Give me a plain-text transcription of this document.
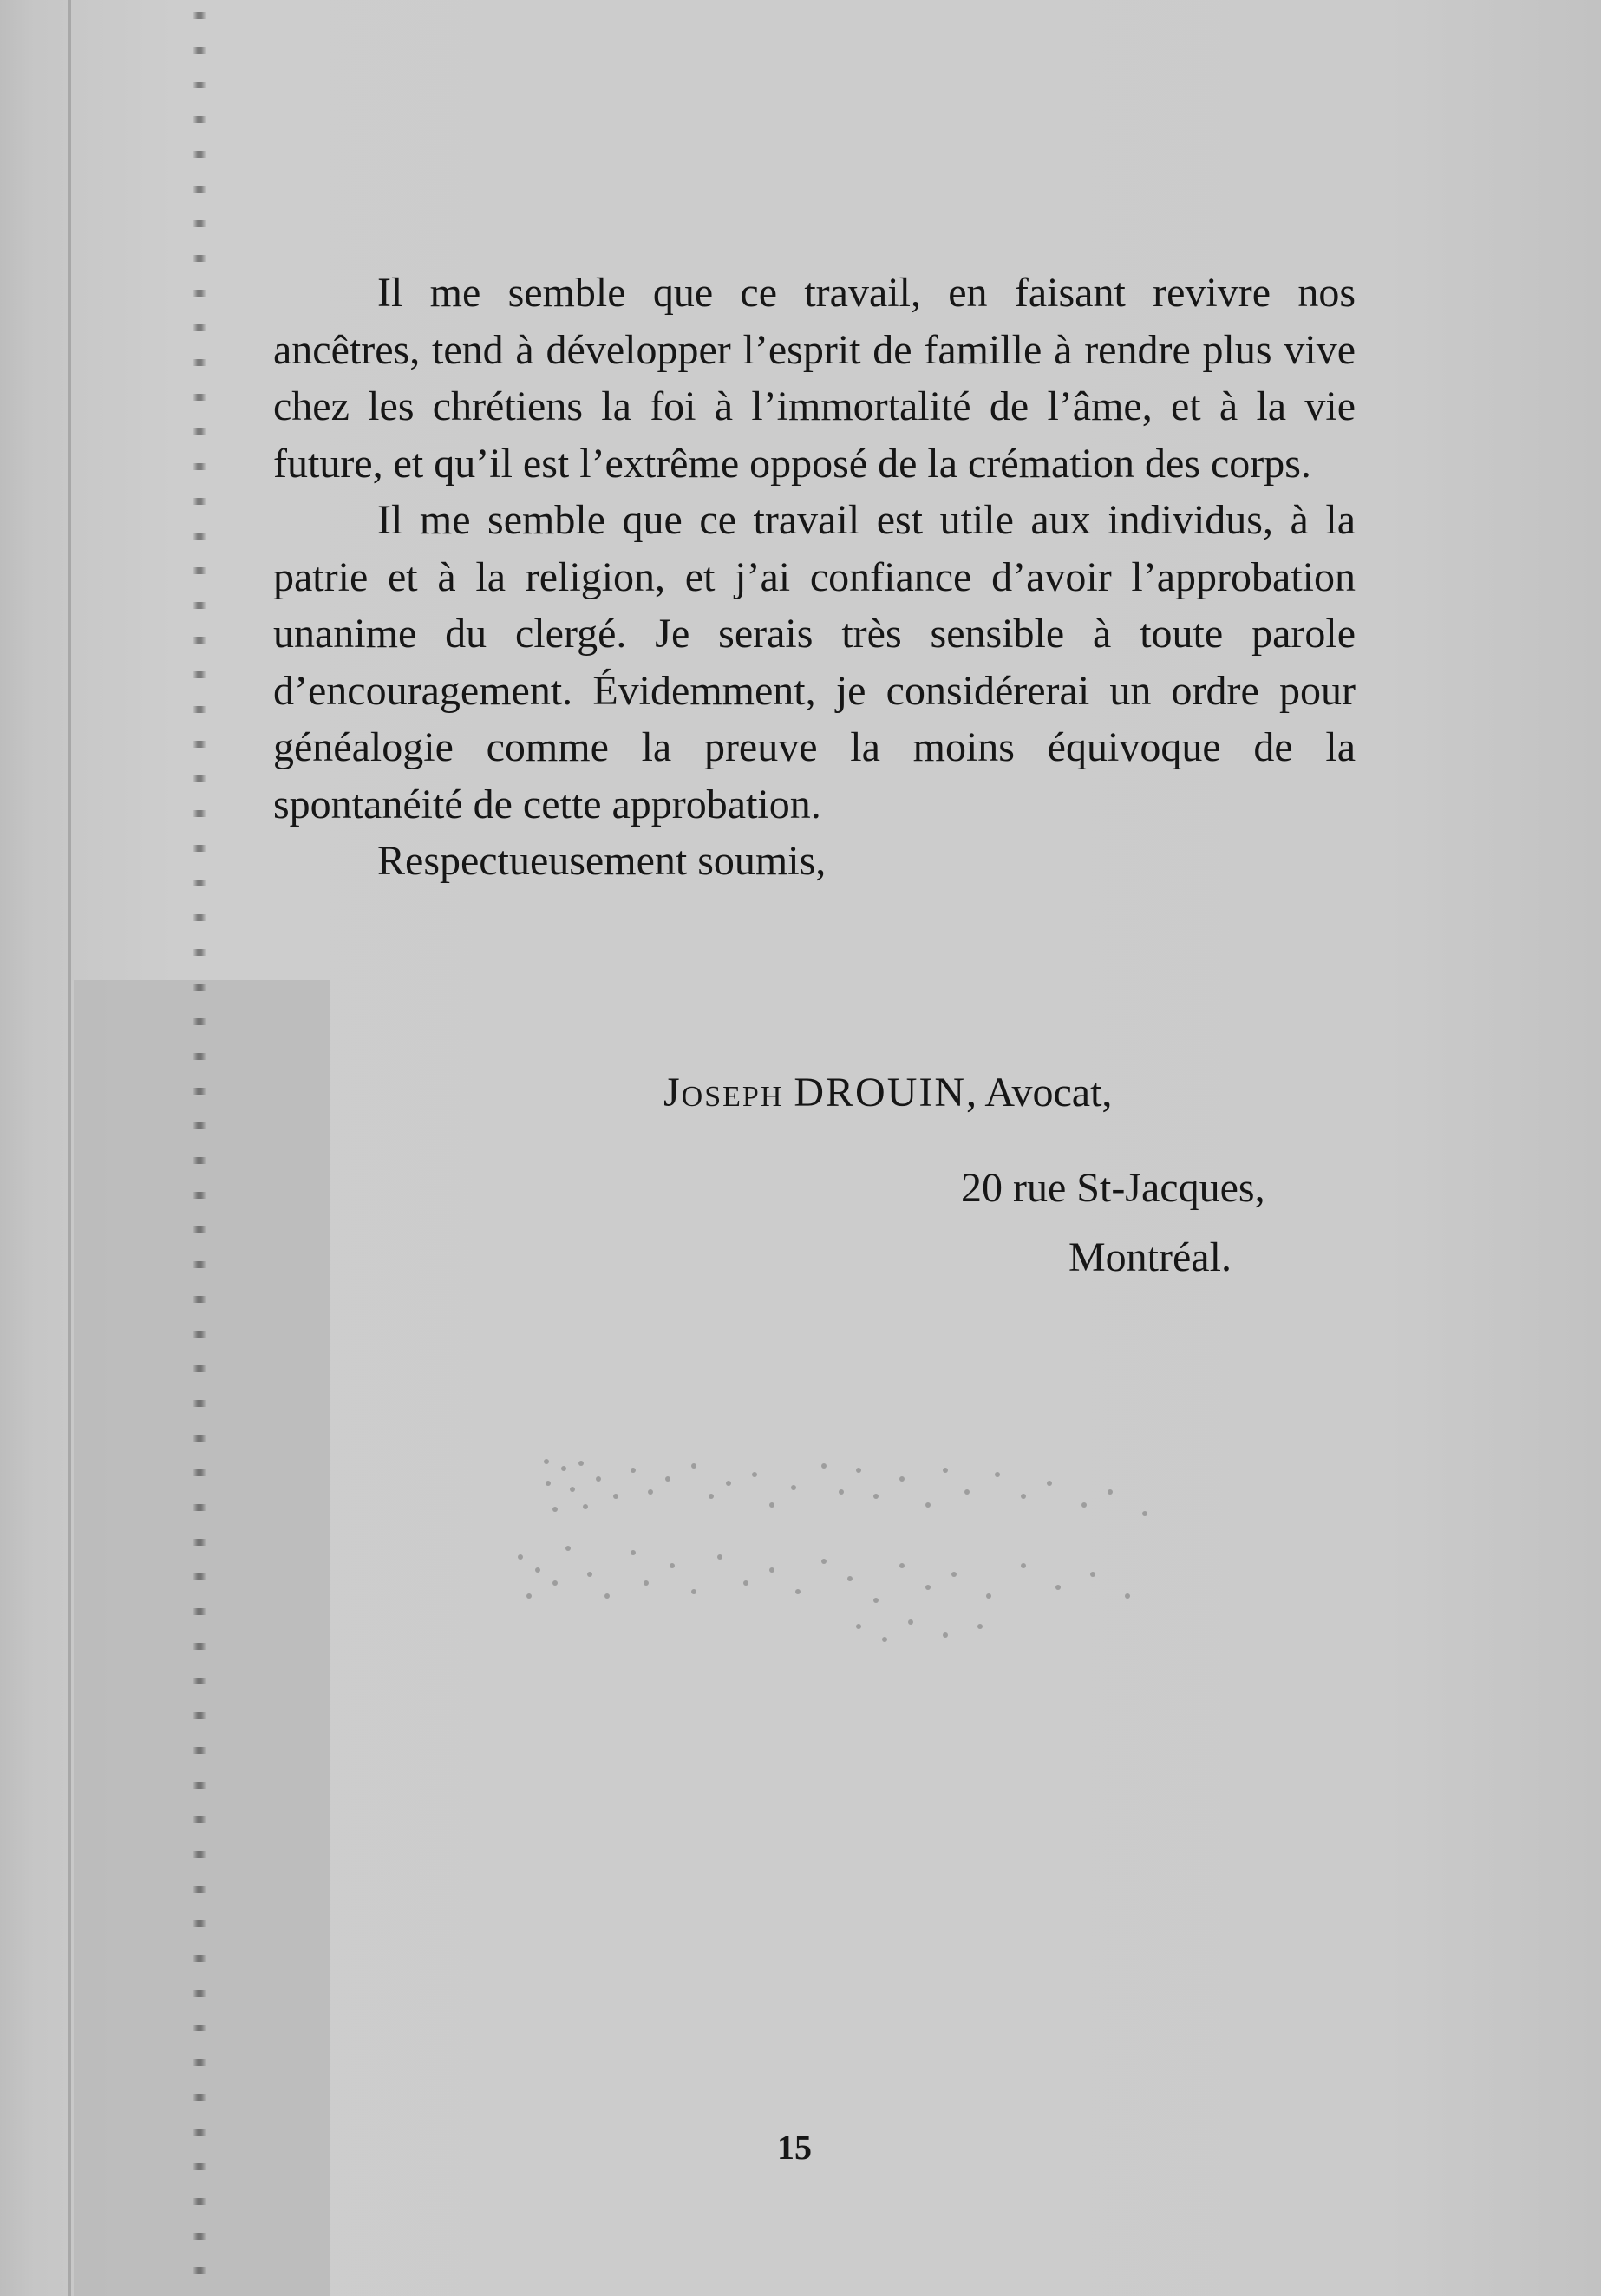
Il me semble que ce travail, en faisant revivre nos ancêtres, tend à développer l’esprit de famille à rendre plus vive chez les chrétiens la foi à l’immortalité de l’âme, et à la vie future, et qu’il est l’extrême opposé de la crémation des corps.

Il me semble que ce travail est utile aux individus, à la patrie et à la religion, et j’ai confiance d’avoir l’approbation unanime du clergé. Je serais très sensible à toute parole d’encouragement. Évidemment, je considérerai un ordre pour généalogie comme la preuve la moins équivoque de la spontanéité de cette approbation.

Respectueusement soumis,

Joseph DROUIN, Avocat,
20 rue St-Jacques,
Montréal.
15
